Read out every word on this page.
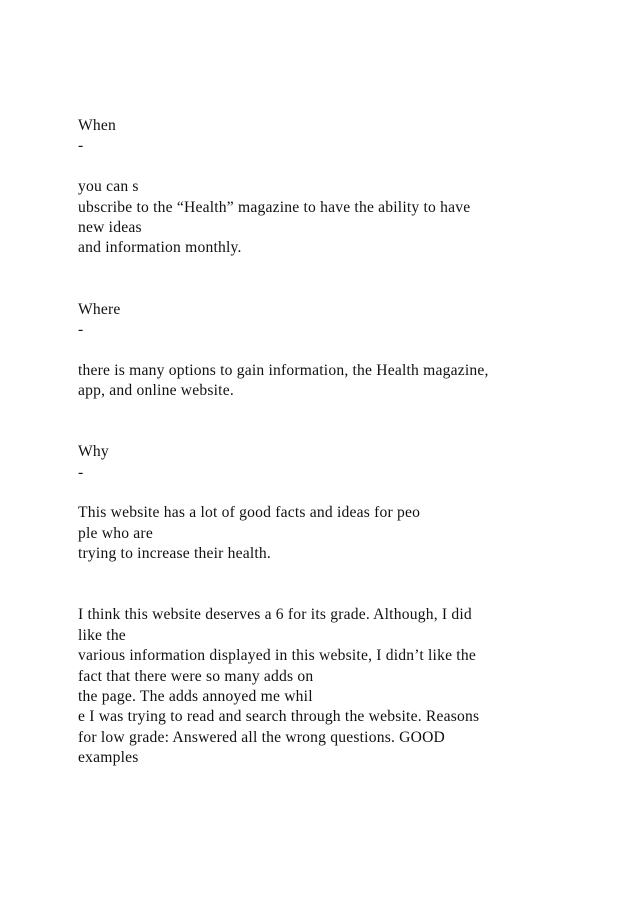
When
-
you can s
ubscribe to the “Health” magazine to have the ability to have
new ideas
and information monthly.
Where
-
there is many options to gain information, the Health magazine,
app, and online website.
Why
-
This website has a lot of good facts and ideas for peo
ple who are
trying to increase their health.
I think this website deserves a 6 for its grade. Although, I did
like the
various information displayed in this website, I didn’t like the
fact that there were so many adds on
the page. The adds annoyed me whil
e I was trying to read and search through the website. Reasons
for low grade: Answered all the wrong questions. GOOD
examples
